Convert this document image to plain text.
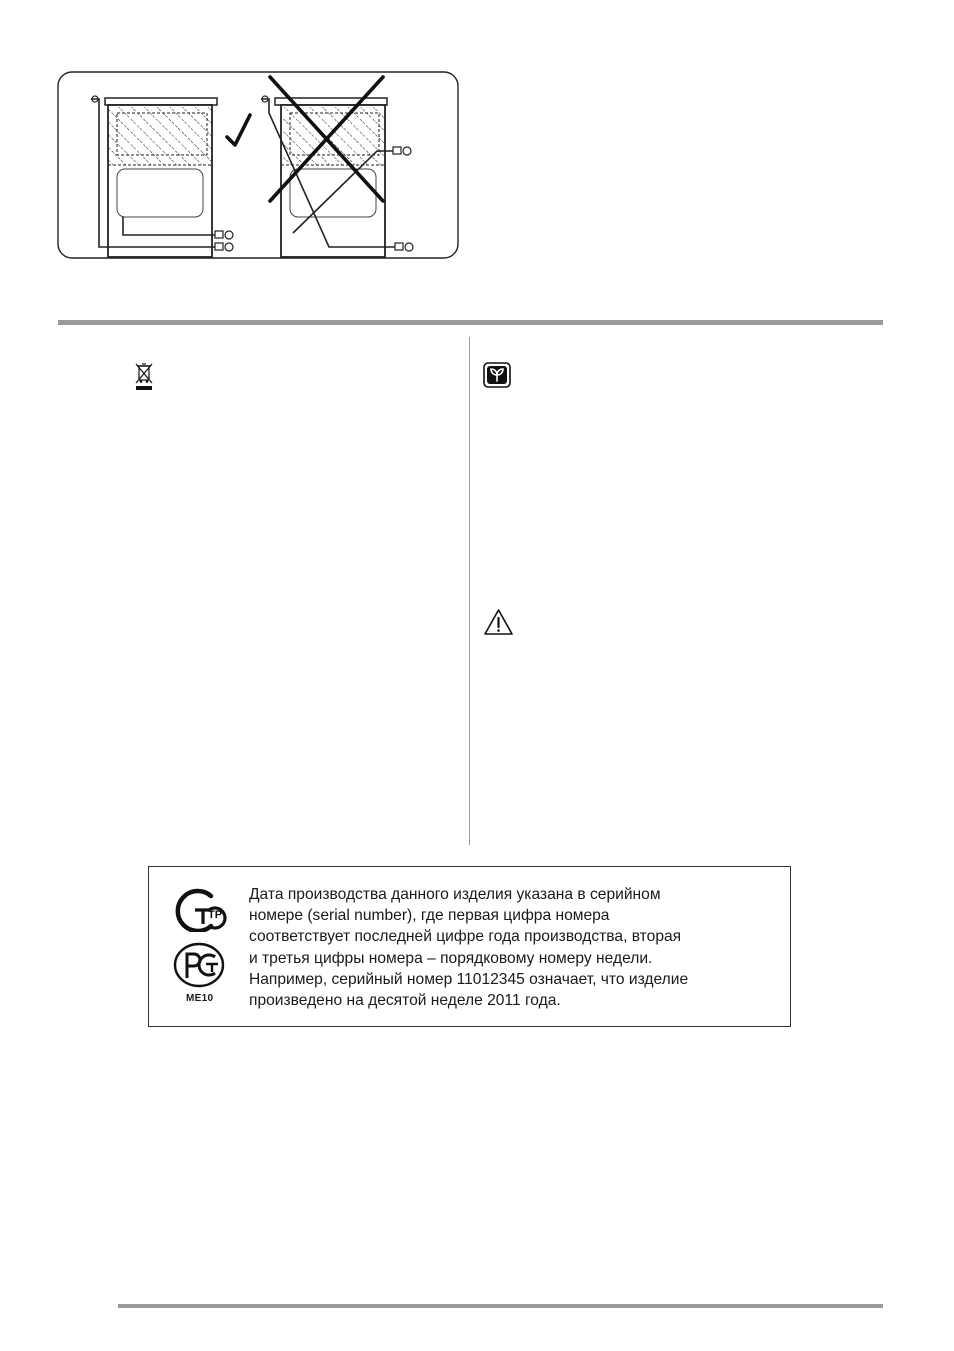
TP
ME10
Дата производства данного изделия указана в серийном
номере (serial number), где первая цифра номера
соответствует последней цифре года производства, вторая
и третья цифры номера – порядковому номеру недели.
Например, серийный номер 11012345 означает, что изделие
произведено на десятой неделе 2011 года.
